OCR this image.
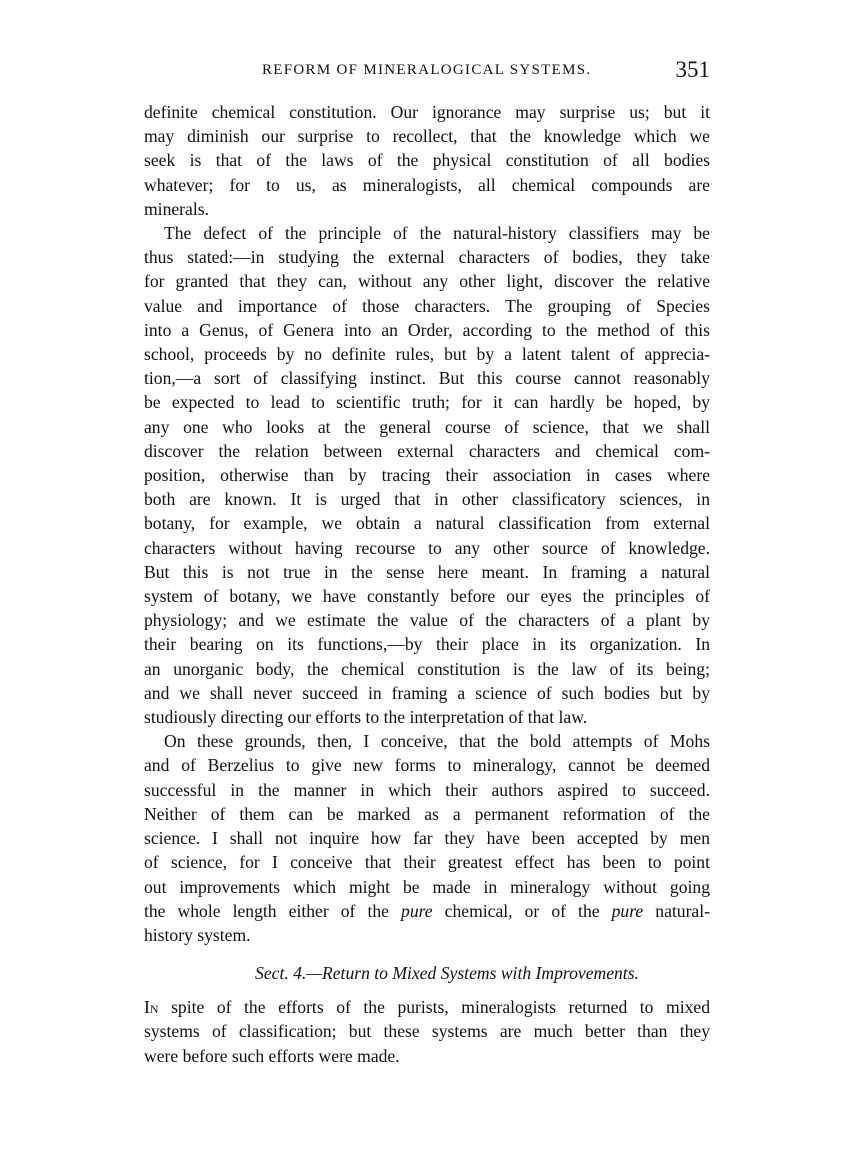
REFORM OF MINERALOGICAL SYSTEMS.	351

definite chemical constitution. Our ignorance may surprise us; but it
may diminish our surprise to recollect, that the knowledge which we
seek is that of the laws of the physical constitution of all bodies
whatever; for to us, as mineralogists, all chemical compounds are
minerals.

The defect of the principle of the natural-history classifiers may be
thus stated:—in studying the external characters of bodies, they take
for granted that they can, without any other light, discover the relative
value and importance of those characters. The grouping of Species
into a Genus, of Genera into an Order, according to the method of this
school, proceeds by no definite rules, but by a latent talent of apprecia-
tion,—a sort of classifying instinct. But this course cannot reasonably
be expected to lead to scientific truth; for it can hardly be hoped, by
any one who looks at the general course of science, that we shall
discover the relation between external characters and chemical com-
position, otherwise than by tracing their association in cases where
both are known. It is urged that in other classificatory sciences, in
botany, for example, we obtain a natural classification from external
characters without having recourse to any other source of knowledge.
But this is not true in the sense here meant. In framing a natural
system of botany, we have constantly before our eyes the principles of
physiology; and we estimate the value of the characters of a plant by
their bearing on its functions,—by their place in its organization. In
an unorganic body, the chemical constitution is the law of its being;
and we shall never succeed in framing a science of such bodies but by
studiously directing our efforts to the interpretation of that law.

On these grounds, then, I conceive, that the bold attempts of Mohs
and of Berzelius to give new forms to mineralogy, cannot be deemed
successful in the manner in which their authors aspired to succeed.
Neither of them can be marked as a permanent reformation of the
science. I shall not inquire how far they have been accepted by men
of science, for I conceive that their greatest effect has been to point
out improvements which might be made in mineralogy without going
the whole length either of the pure chemical, or of the pure natural-
history system.

Sect. 4.—Return to Mixed Systems with Improvements.

In spite of the efforts of the purists, mineralogists returned to mixed
systems of classification; but these systems are much better than they
were before such efforts were made.
